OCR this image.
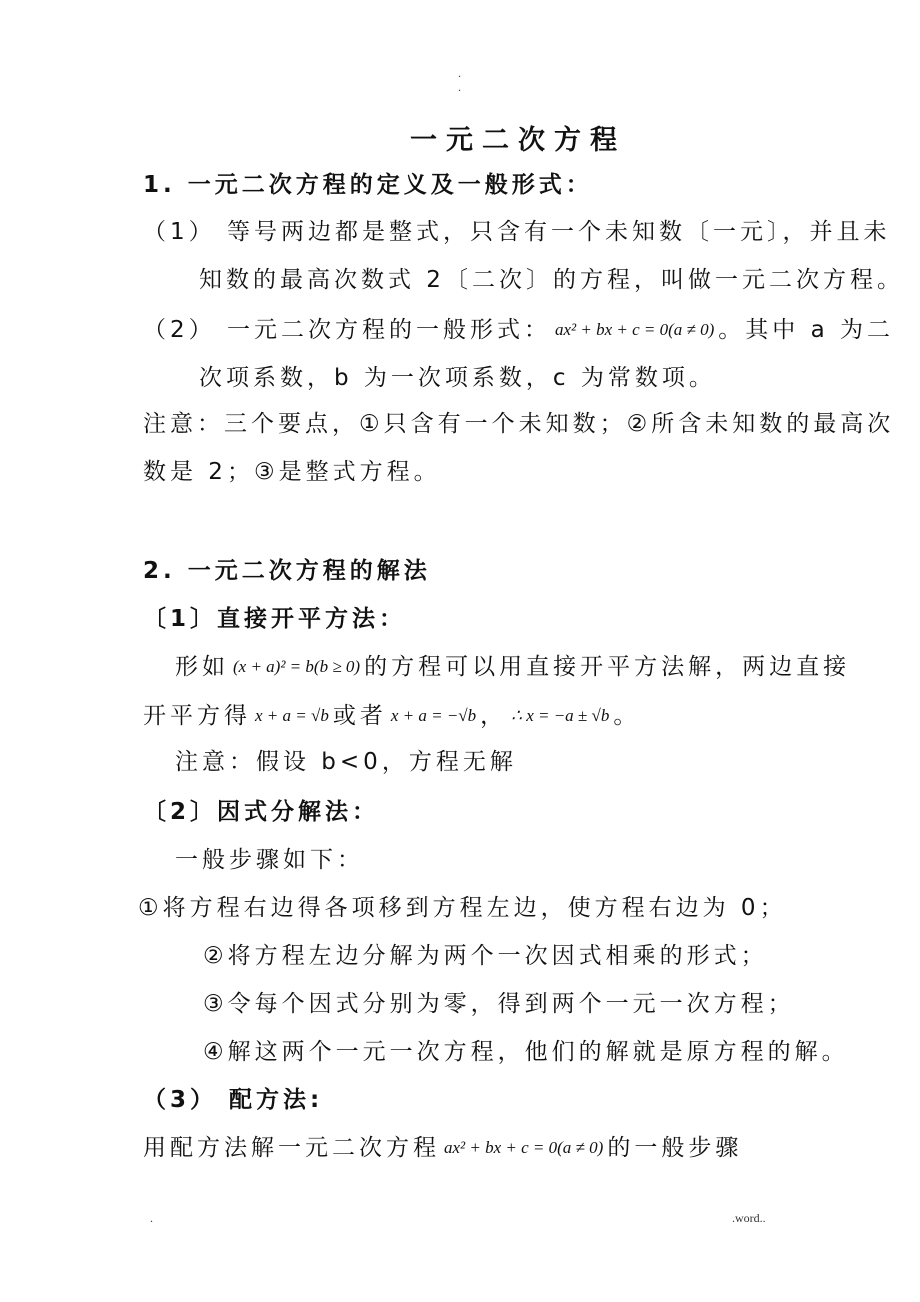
.
.
一元二次方程
1. 一元二次方程的定义及一般形式：
（1） 等号两边都是整式，只含有一个未知数〔一元〕，并且未
知数的最高次数式 2〔二次〕的方程，叫做一元二次方程。
（2） 一元二次方程的一般形式： ax² + bx + c = 0(a ≠ 0) 。其中 a 为二
次项系数，b 为一次项系数，c 为常数项。
注意：三个要点，①只含有一个未知数；②所含未知数的最高次
数是 2；③是整式方程。
2. 一元二次方程的解法
〔1〕直接开平方法：
形如 (x + a)² = b(b ≥ 0) 的方程可以用直接开平方法解，两边直接
开平方得 x + a = √b 或者 x + a = −√b ， ∴ x = −a ± √b 。
注意：假设 b<0，方程无解
〔2〕因式分解法：
一般步骤如下：
①将方程右边得各项移到方程左边，使方程右边为 0；
②将方程左边分解为两个一次因式相乘的形式；
③令每个因式分别为零，得到两个一元一次方程；
④解这两个一元一次方程，他们的解就是原方程的解。
（3） 配方法:
用配方法解一元二次方程 ax² + bx + c = 0(a ≠ 0) 的一般步骤
.	.word..
